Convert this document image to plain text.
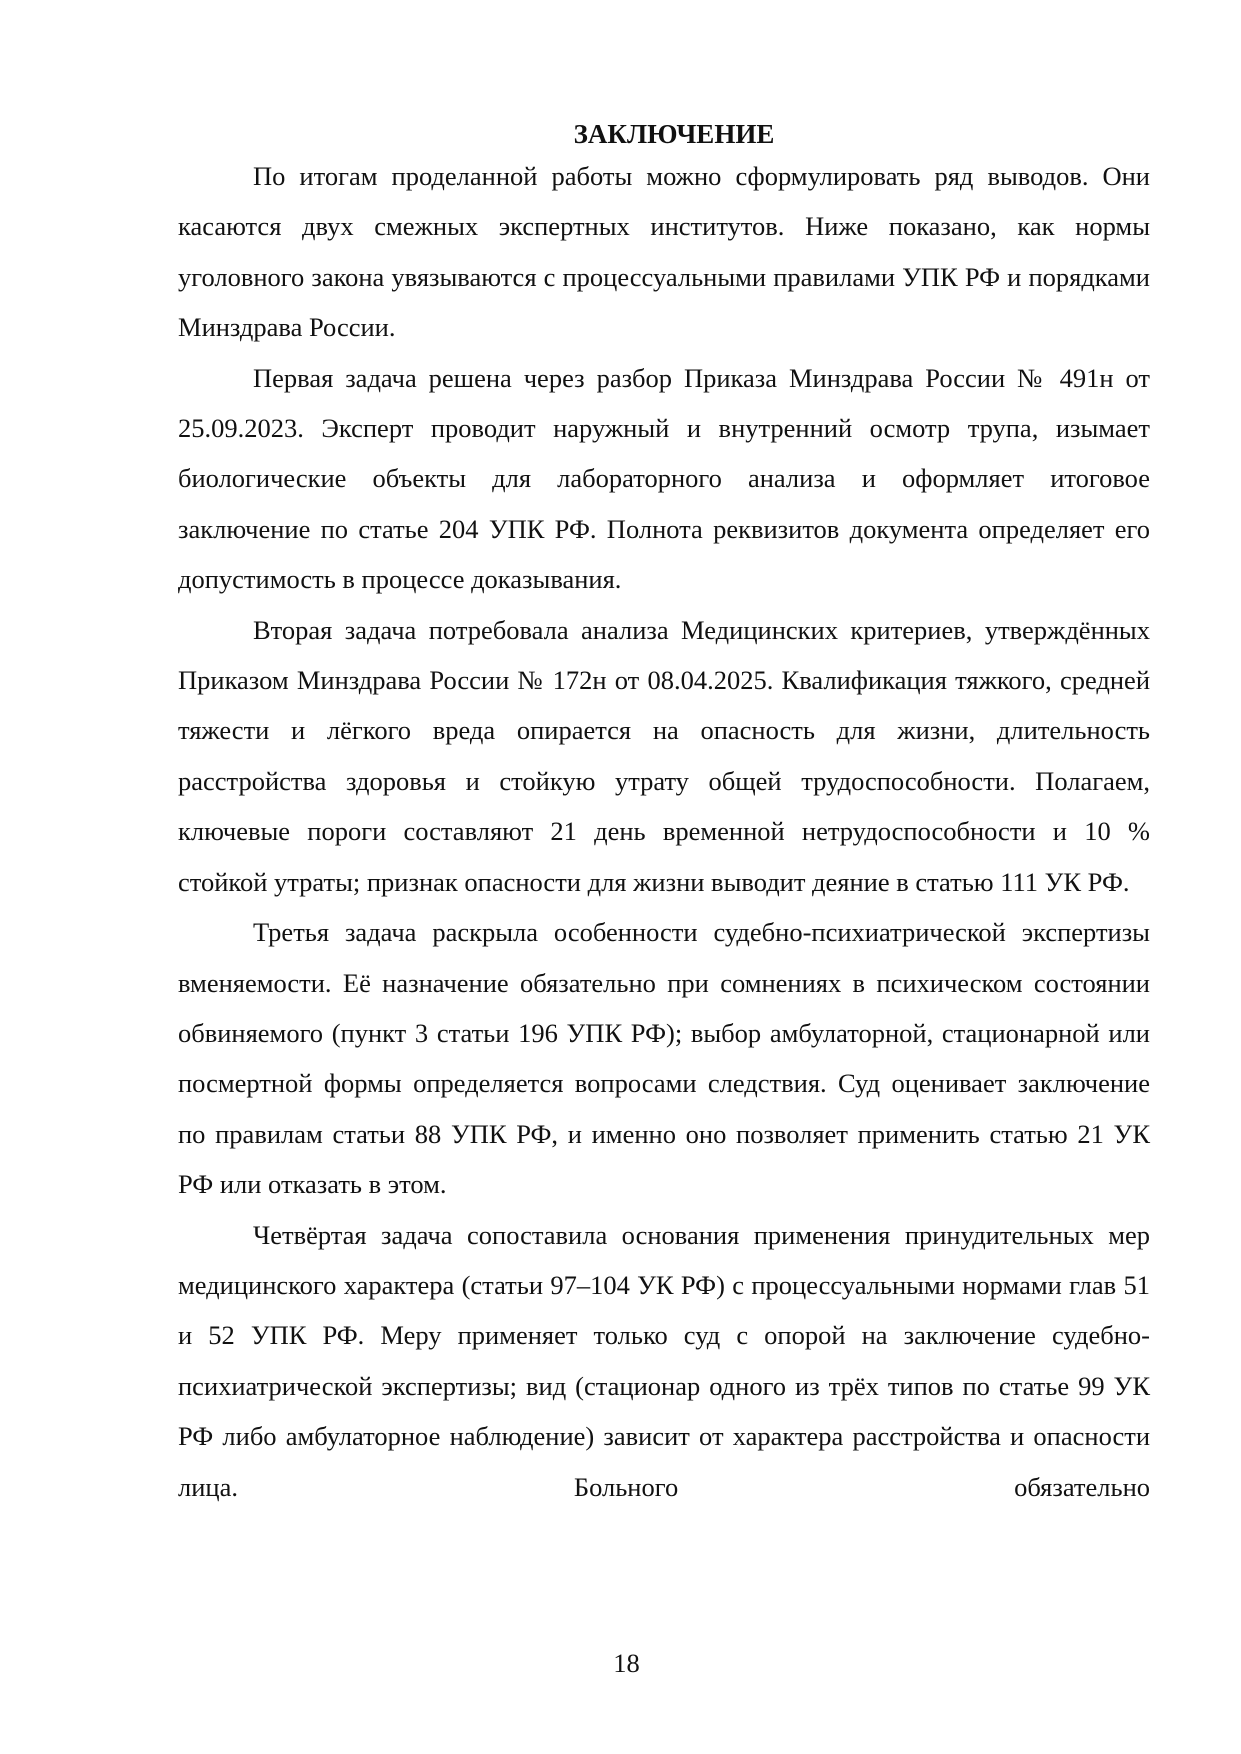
ЗАКЛЮЧЕНИЕ

По итогам проделанной работы можно сформулировать ряд выводов. Они касаются двух смежных экспертных институтов. Ниже показано, как нормы уголовного закона увязываются с процессуальными правилами УПК РФ и порядками Минздрава России.

Первая задача решена через разбор Приказа Минздрава России № 491н от 25.09.2023. Эксперт проводит наружный и внутренний осмотр трупа, изымает биологические объекты для лабораторного анализа и оформляет итоговое заключение по статье 204 УПК РФ. Полнота реквизитов документа определяет его допустимость в процессе доказывания.

Вторая задача потребовала анализа Медицинских критериев, утверждённых Приказом Минздрава России № 172н от 08.04.2025. Квалификация тяжкого, средней тяжести и лёгкого вреда опирается на опасность для жизни, длительность расстройства здоровья и стойкую утрату общей трудоспособности. Полагаем, ключевые пороги составляют 21 день временной нетрудоспособности и 10 % стойкой утраты; признак опасности для жизни выводит деяние в статью 111 УК РФ.

Третья задача раскрыла особенности судебно-психиатрической экспертизы вменяемости. Её назначение обязательно при сомнениях в психическом состоянии обвиняемого (пункт 3 статьи 196 УПК РФ); выбор амбулаторной, стационарной или посмертной формы определяется вопросами следствия. Суд оценивает заключение по правилам статьи 88 УПК РФ, и именно оно позволяет применить статью 21 УК РФ или отказать в этом.

Четвёртая задача сопоставила основания применения принудительных мер медицинского характера (статьи 97–104 УК РФ) с процессуальными нормами глав 51 и 52 УПК РФ. Меру применяет только суд с опорой на заключение судебно-психиатрической экспертизы; вид (стационар одного из трёх типов по статье 99 УК РФ либо амбулаторное наблюдение) зависит от характера расстройства и опасности лица. Больного обязательно

18
